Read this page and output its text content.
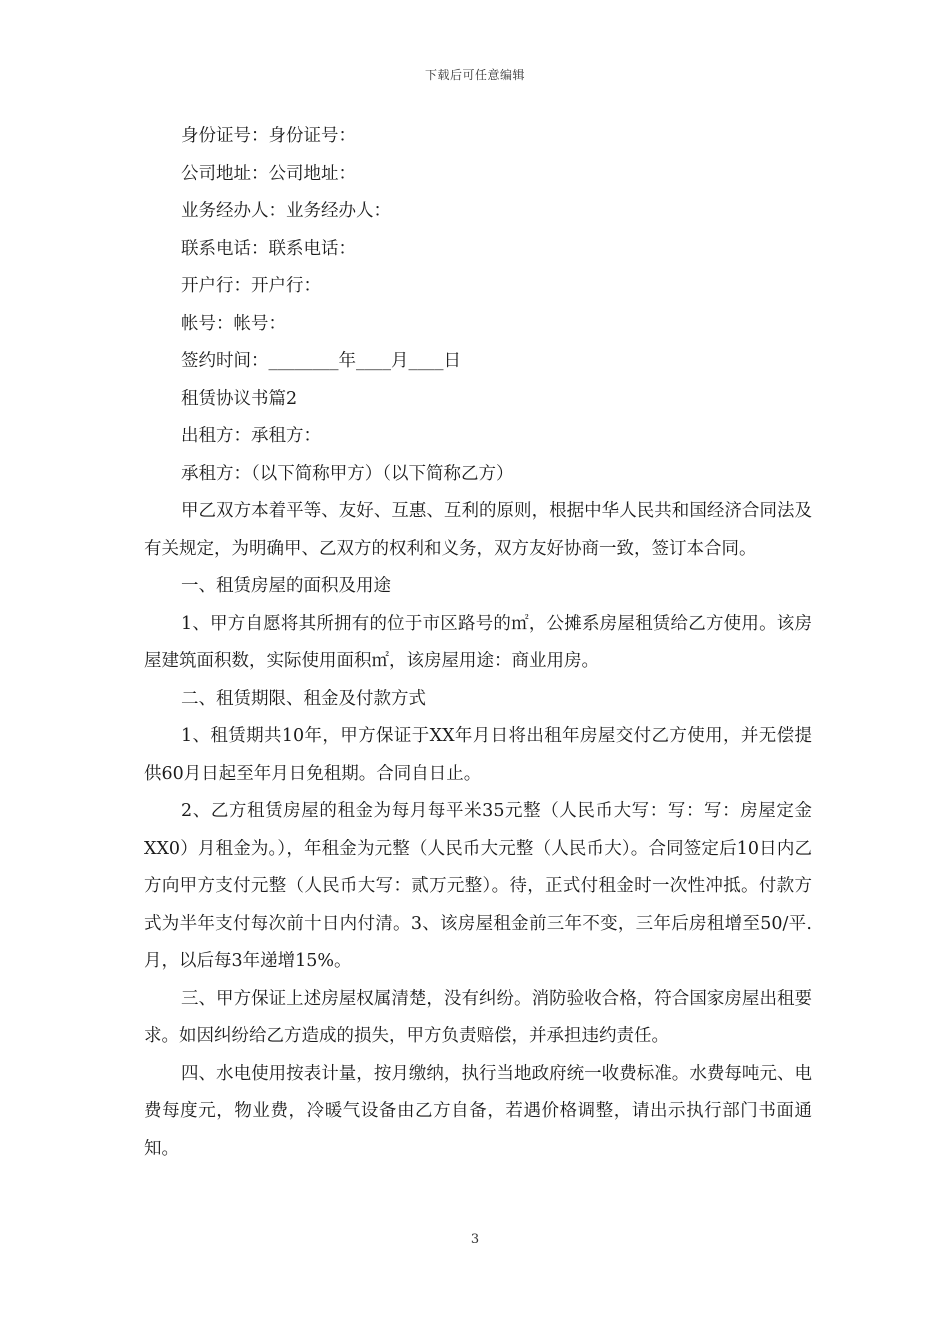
下载后可任意编辑
身份证号：身份证号：
公司地址：公司地址：
业务经办人：业务经办人：
联系电话：联系电话：
开户行：开户行：
帐号：帐号：
签约时间：________年____月____日
租赁协议书篇2
出租方：承租方：
承租方：（以下简称甲方）（以下简称乙方）

甲乙双方本着平等、友好、互惠、互利的原则，根据中华人民共和国经济合同法及有关规定，为明确甲、乙双方的权利和义务，双方友好协商一致，签订本合同。

一、租赁房屋的面积及用途

1、甲方自愿将其所拥有的位于市区路号的㎡，公摊系房屋租赁给乙方使用。该房屋建筑面积数，实际使用面积㎡，该房屋用途：商业用房。

二、租赁期限、租金及付款方式

1、租赁期共10年，甲方保证于XX年月日将出租年房屋交付乙方使用，并无偿提供60月日起至年月日免租期。合同自日止。

2、乙方租赁房屋的租金为每月每平米35元整（人民币大写：写：写：房屋定金XX0）月租金为。），年租金为元整（人民币大元整（人民币大）。合同签定后10日内乙方向甲方支付元整（人民币大写：贰万元整）。待，正式付租金时一次性冲抵。付款方式为半年支付每次前十日内付清。3、该房屋租金前三年不变，三年后房租增至50/平.月，以后每3年递增15%。

三、甲方保证上述房屋权属清楚，没有纠纷。消防验收合格，符合国家房屋出租要求。如因纠纷给乙方造成的损失，甲方负责赔偿，并承担违约责任。

四、水电使用按表计量，按月缴纳，执行当地政府统一收费标准。水费每吨元、电费每度元，物业费，冷暖气设备由乙方自备，若遇价格调整，请出示执行部门书面通知。

3
